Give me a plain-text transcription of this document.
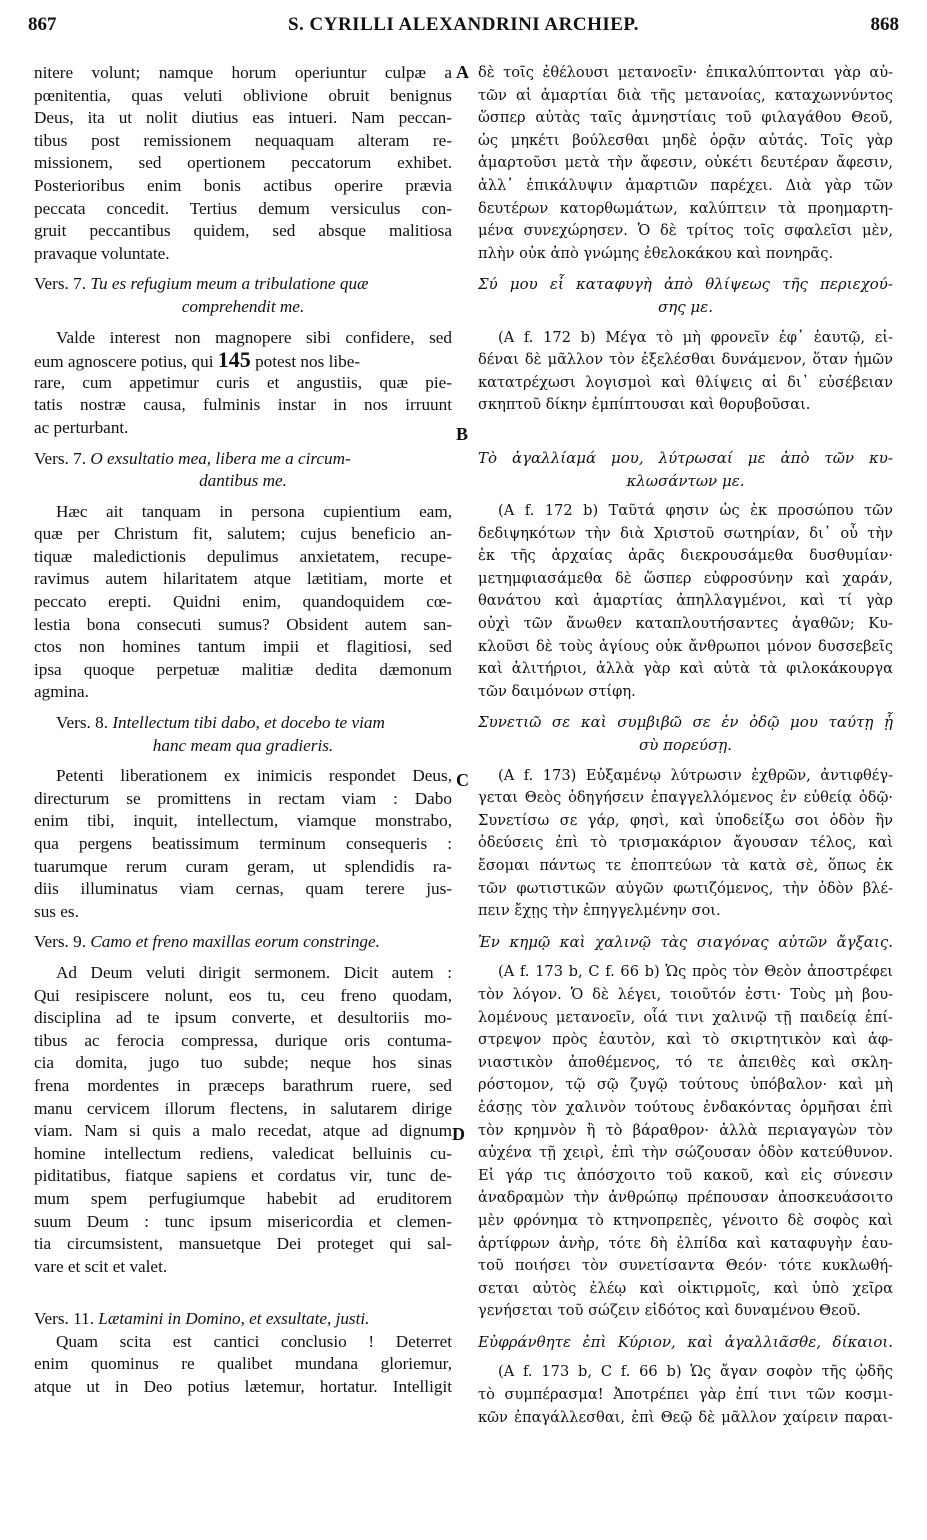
867	S. CYRILLI ALEXANDRINI ARCHIEP.	868
A
B
C
D
nitere volunt; namque horum operiuntur culpæ a
pœnitentia, quas veluti oblivione obruit benignus
Deus, ita ut nolit diutius eas intueri. Nam peccan-
tibus post remissionem nequaquam alteram re-
missionem, sed opertionem peccatorum exhibet.
Posterioribus enim bonis actibus operire prævia
peccata concedit. Tertius demum versiculus con-
gruit peccantibus quidem, sed absque malitiosa
pravaque voluntate.
Vers. 7. Tu es refugium meum a tribulatione quæ
comprehendit me.
Valde interest non magnopere sibi confidere, sed
eum agnoscere potius, qui 145 potest nos libe-
rare, cum appetimur curis et angustiis, quæ pie-
tatis nostræ causa, fulminis instar in nos irruunt
ac perturbant.
Vers. 7. O exsultatio mea, libera me a circum-
dantibus me.
Hæc ait tanquam in persona cupientium eam,
quæ per Christum fit, salutem; cujus beneficio an-
tiquæ maledictionis depulimus anxietatem, recupe-
ravimus autem hilaritatem atque lætitiam, morte et
peccato erepti. Quidni enim, quandoquidem cœ-
lestia bona consecuti sumus? Obsident autem san-
ctos non homines tantum impii et flagitiosi, sed
ipsa quoque perpetuæ malitiæ dedita dæmonum
agmina.
Vers. 8. Intellectum tibi dabo, et docebo te viam
hanc meam qua gradieris.
Petenti liberationem ex inimicis respondet Deus,
directurum se promittens in rectam viam : Dabo
enim tibi, inquit, intellectum, viamque monstrabo,
qua pergens beatissimum terminum consequeris :
tuarumque rerum curam geram, ut splendidis ra-
diis illuminatus viam cernas, quam terere jus-
sus es.
Vers. 9. Camo et freno maxillas eorum constringe.
Ad Deum veluti dirigit sermonem. Dicit autem :
Qui resipiscere nolunt, eos tu, ceu freno quodam,
disciplina ad te ipsum converte, et desultoriis mo-
tibus ac ferocia compressa, durique oris contuma-
cia domita, jugo tuo subde; neque hos sinas
frena mordentes in præceps barathrum ruere, sed
manu cervicem illorum flectens, in salutarem dirige
viam. Nam si quis a malo recedat, atque ad dignum
homine intellectum rediens, valedicat belluinis cu-
piditatibus, fiatque sapiens et cordatus vir, tunc de-
mum spem perfugiumque habebit ad eruditorem
suum Deum : tunc ipsum misericordia et clemen-
tia circumsistent, mansuetque Dei proteget qui sal-
vare et scit et valet.
Vers. 11. Lætamini in Domino, et exsultate, justi.
Quam scita est cantici conclusio ! Deterret
enim quominus re qualibet mundana gloriemur,
atque ut in Deo potius lætemur, hortatur. Intelligit
δὲ τοῖς ἐθέλουσι μετανοεῖν· ἐπικαλύπτονται γὰρ αὐ-
τῶν αἱ ἁμαρτίαι διὰ τῆς μετανοίας, καταχωννύντος
ὥσπερ αὐτὰς ταῖς ἀμνηστίαις τοῦ φιλαγάθου Θεοῦ,
ὡς μηκέτι βούλεσθαι μηδὲ ὁρᾷν αὐτάς. Τοῖς γὰρ
ἁμαρτοῦσι μετὰ τὴν ἄφεσιν, οὐκέτι δευτέραν ἄφεσιν,
ἀλλ᾽ ἐπικάλυψιν ἁμαρτιῶν παρέχει. Διὰ γὰρ τῶν
δευτέρων κατορθωμάτων, καλύπτειν τὰ προημαρτη-
μένα συνεχώρησεν. Ὁ δὲ τρίτος τοῖς σφαλεῖσι μὲν,
πλὴν οὐκ ἀπὸ γνώμης ἐθελοκάκου καὶ πονηρᾶς.
Σύ μου εἶ καταφυγὴ ἀπὸ θλίψεως τῆς περιεχού-
σης με.
(A f. 172 b) Μέγα τὸ μὴ φρονεῖν ἐφ᾽ ἑαυτῷ, εἰ-
δέναι δὲ μᾶλλον τὸν ἐξελέσθαι δυνάμενον, ὅταν ἡμῶν
κατατρέχωσι λογισμοὶ καὶ θλίψεις αἱ δι᾽ εὐσέβειαν
σκηπτοῦ δίκην ἐμπίπτουσαι καὶ θορυβοῦσαι.
Τὸ ἀγαλλίαμά μου, λύτρωσαί με ἀπὸ τῶν κυ-
κλωσάντων με.
(A f. 172 b) Ταῦτά φησιν ὡς ἐκ προσώπου τῶν
δεδιψηκότων τὴν διὰ Χριστοῦ σωτηρίαν, δι᾽ οὗ τὴν
ἐκ τῆς ἀρχαίας ἀρᾶς διεκρουσάμεθα δυσθυμίαν·
μετημφιασάμεθα δὲ ὥσπερ εὐφροσύνην καὶ χαράν,
θανάτου καὶ ἁμαρτίας ἀπηλλαγμένοι, καὶ τί γὰρ
οὐχὶ τῶν ἄνωθεν καταπλουτήσαντες ἀγαθῶν; Κυ-
κλοῦσι δὲ τοὺς ἁγίους οὐκ ἄνθρωποι μόνον δυσσεβεῖς
καὶ ἀλιτήριοι, ἀλλὰ γὰρ καὶ αὐτὰ τὰ φιλοκάκουργα
τῶν δαιμόνων στίφη.
Συνετιῶ σε καὶ συμβιβῶ σε ἐν ὁδῷ μου ταύτῃ ᾗ
σὺ πορεύσῃ.
(A f. 173) Εὐξαμένῳ λύτρωσιν ἐχθρῶν, ἀντιφθέγ-
γεται Θεὸς ὁδηγήσειν ἐπαγγελλόμενος ἐν εὐθείᾳ ὁδῷ·
Συνετίσω σε γάρ, φησὶ, καὶ ὑποδείξω σοι ὁδὸν ἣν
ὁδεύσεις ἐπὶ τὸ τρισμακάριον ἄγουσαν τέλος, καὶ
ἔσομαι πάντως τε ἐποπτεύων τὰ κατὰ σὲ, ὅπως ἐκ
τῶν φωτιστικῶν αὐγῶν φωτιζόμενος, τὴν ὁδὸν βλέ-
πειν ἔχῃς τὴν ἐπηγγελμένην σοι.
Ἐν κημῷ καὶ χαλινῷ τὰς σιαγόνας αὐτῶν ἄγξαις.
(A f. 173 b, C f. 66 b) Ὡς πρὸς τὸν Θεὸν ἀποστρέφει
τὸν λόγον. Ὁ δὲ λέγει, τοιοῦτόν ἐστι· Τοὺς μὴ βου-
λομένους μετανοεῖν, οἷά τινι χαλινῷ τῇ παιδείᾳ ἐπί-
στρεψον πρὸς ἑαυτὸν, καὶ τὸ σκιρτητικὸν καὶ ἀφ-
νιαστικὸν ἀποθέμενος, τό τε ἀπειθὲς καὶ σκλη-
ρόστομον, τῷ σῷ ζυγῷ τούτους ὑπόβαλον· καὶ μὴ
ἐάσῃς τὸν χαλινὸν τούτους ἐνδακόντας ὁρμῆσαι ἐπὶ
τὸν κρημνὸν ἢ τὸ βάραθρον· ἀλλὰ περιαγαγὼν τὸν
αὐχένα τῇ χειρὶ, ἐπὶ τὴν σώζουσαν ὁδὸν κατεύθυνον.
Εἰ γάρ τις ἀπόσχοιτο τοῦ κακοῦ, καὶ εἰς σύνεσιν
ἀναδραμὼν τὴν ἀνθρώπῳ πρέπουσαν ἀποσκευάσοιτο
μὲν φρόνημα τὸ κτηνοπρεπὲς, γένοιτο δὲ σοφὸς καὶ
ἀρτίφρων ἀνὴρ, τότε δὴ ἐλπίδα καὶ καταφυγὴν ἑαυ-
τοῦ ποιήσει τὸν συνετίσαντα Θεόν· τότε κυκλωθή-
σεται αὐτὸς ἐλέῳ καὶ οἰκτιρμοῖς, καὶ ὑπὸ χεῖρα
γενήσεται τοῦ σώζειν εἰδότος καὶ δυναμένου Θεοῦ.
Εὐφράνθητε ἐπὶ Κύριον, καὶ ἀγαλλιᾶσθε, δίκαιοι.
(A f. 173 b, C f. 66 b) Ὡς ἄγαν σοφὸν τῆς ᾠδῆς
τὸ συμπέρασμα! Ἀποτρέπει γὰρ ἐπί τινι τῶν κοσμι-
κῶν ἐπαγάλλεσθαι, ἐπὶ Θεῷ δὲ μᾶλλον χαίρειν παραι-
